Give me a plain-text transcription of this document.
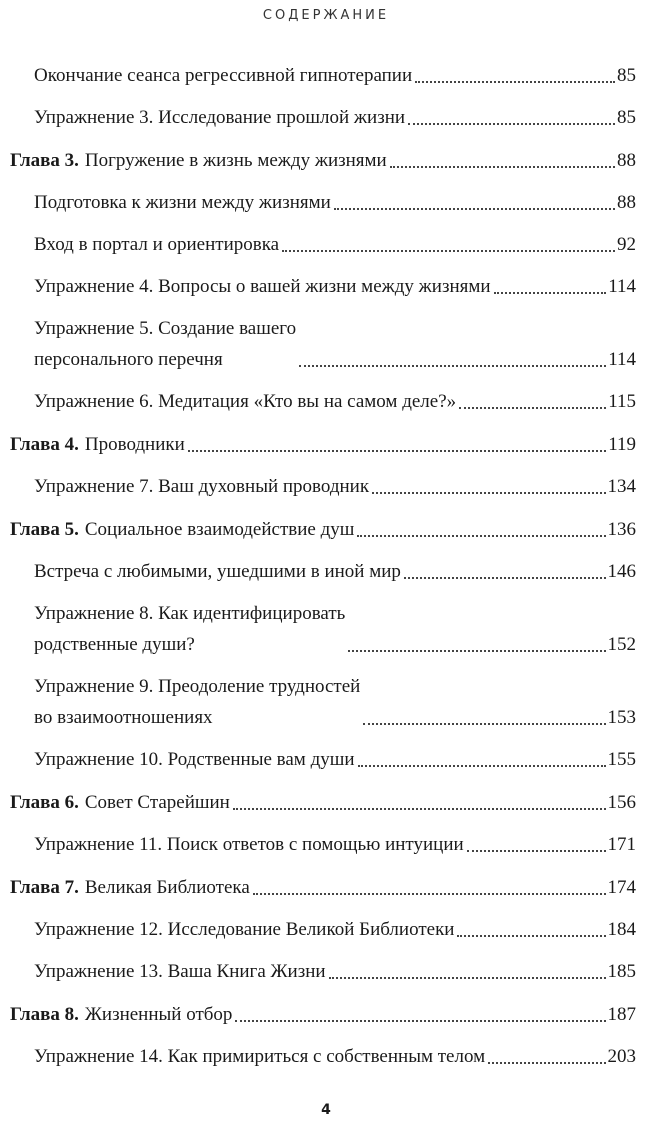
СОДЕРЖАНИЕ
Окончание сеанса регрессивной гипнотерапии	85
Упражнение 3. Исследование прошлой жизни	85
Глава 3. Погружение в жизнь между жизнями	88
Подготовка к жизни между жизнями	88
Вход в портал и ориентировка	92
Упражнение 4. Вопросы о вашей жизни между жизнями	114
Упражнение 5. Создание вашего
персонального перечня	114
Упражнение 6. Медитация «Кто вы на самом деле?»	115
Глава 4. Проводники	119
Упражнение 7. Ваш духовный проводник	134
Глава 5. Социальное взаимодействие душ	136
Встреча с любимыми, ушедшими в иной мир	146
Упражнение 8. Как идентифицировать
родственные души?	152
Упражнение 9. Преодоление трудностей
во взаимоотношениях	153
Упражнение 10. Родственные вам души	155
Глава 6. Совет Старейшин	156
Упражнение 11. Поиск ответов с помощью интуиции	171
Глава 7. Великая Библиотека	174
Упражнение 12. Исследование Великой Библиотеки	184
Упражнение 13. Ваша Книга Жизни	185
Глава 8. Жизненный отбор	187
Упражнение 14. Как примириться с собственным телом	203
4
